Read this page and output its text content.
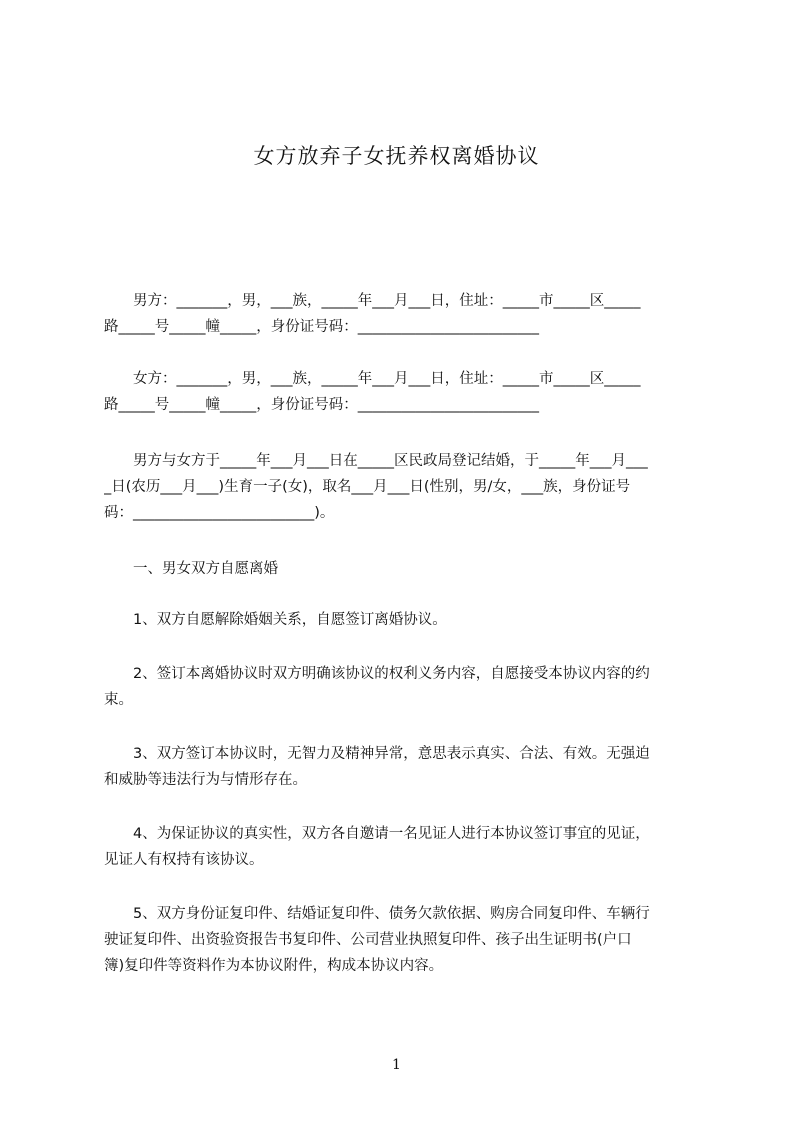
女方放弃子女抚养权离婚协议

　　男方：_______，男，___族，_____年___月___日，住址：_____市_____区_____
路_____号_____幢_____，身份证号码：_________________________

　　女方：_______，男，___族，_____年___月___日，住址：_____市_____区_____
路_____号_____幢_____，身份证号码：_________________________

　　男方与女方于_____年___月___日在_____区民政局登记结婚，于_____年___月___
_日(农历___月___)生育一子(女)，取名___月___日(性别，男/女，___族，身份证号
码：_________________________)。

　　一、男女双方自愿离婚

　　1、双方自愿解除婚姻关系，自愿签订离婚协议。

　　2、签订本离婚协议时双方明确该协议的权利义务内容，自愿接受本协议内容的约
束。

　　3、双方签订本协议时，无智力及精神异常，意思表示真实、合法、有效。无强迫
和威胁等违法行为与情形存在。

　　4、为保证协议的真实性，双方各自邀请一名见证人进行本协议签订事宜的见证，
见证人有权持有该协议。

　　5、双方身份证复印件、结婚证复印件、债务欠款依据、购房合同复印件、车辆行
驶证复印件、出资验资报告书复印件、公司营业执照复印件、孩子出生证明书(户口
簿)复印件等资料作为本协议附件，构成本协议内容。

1
